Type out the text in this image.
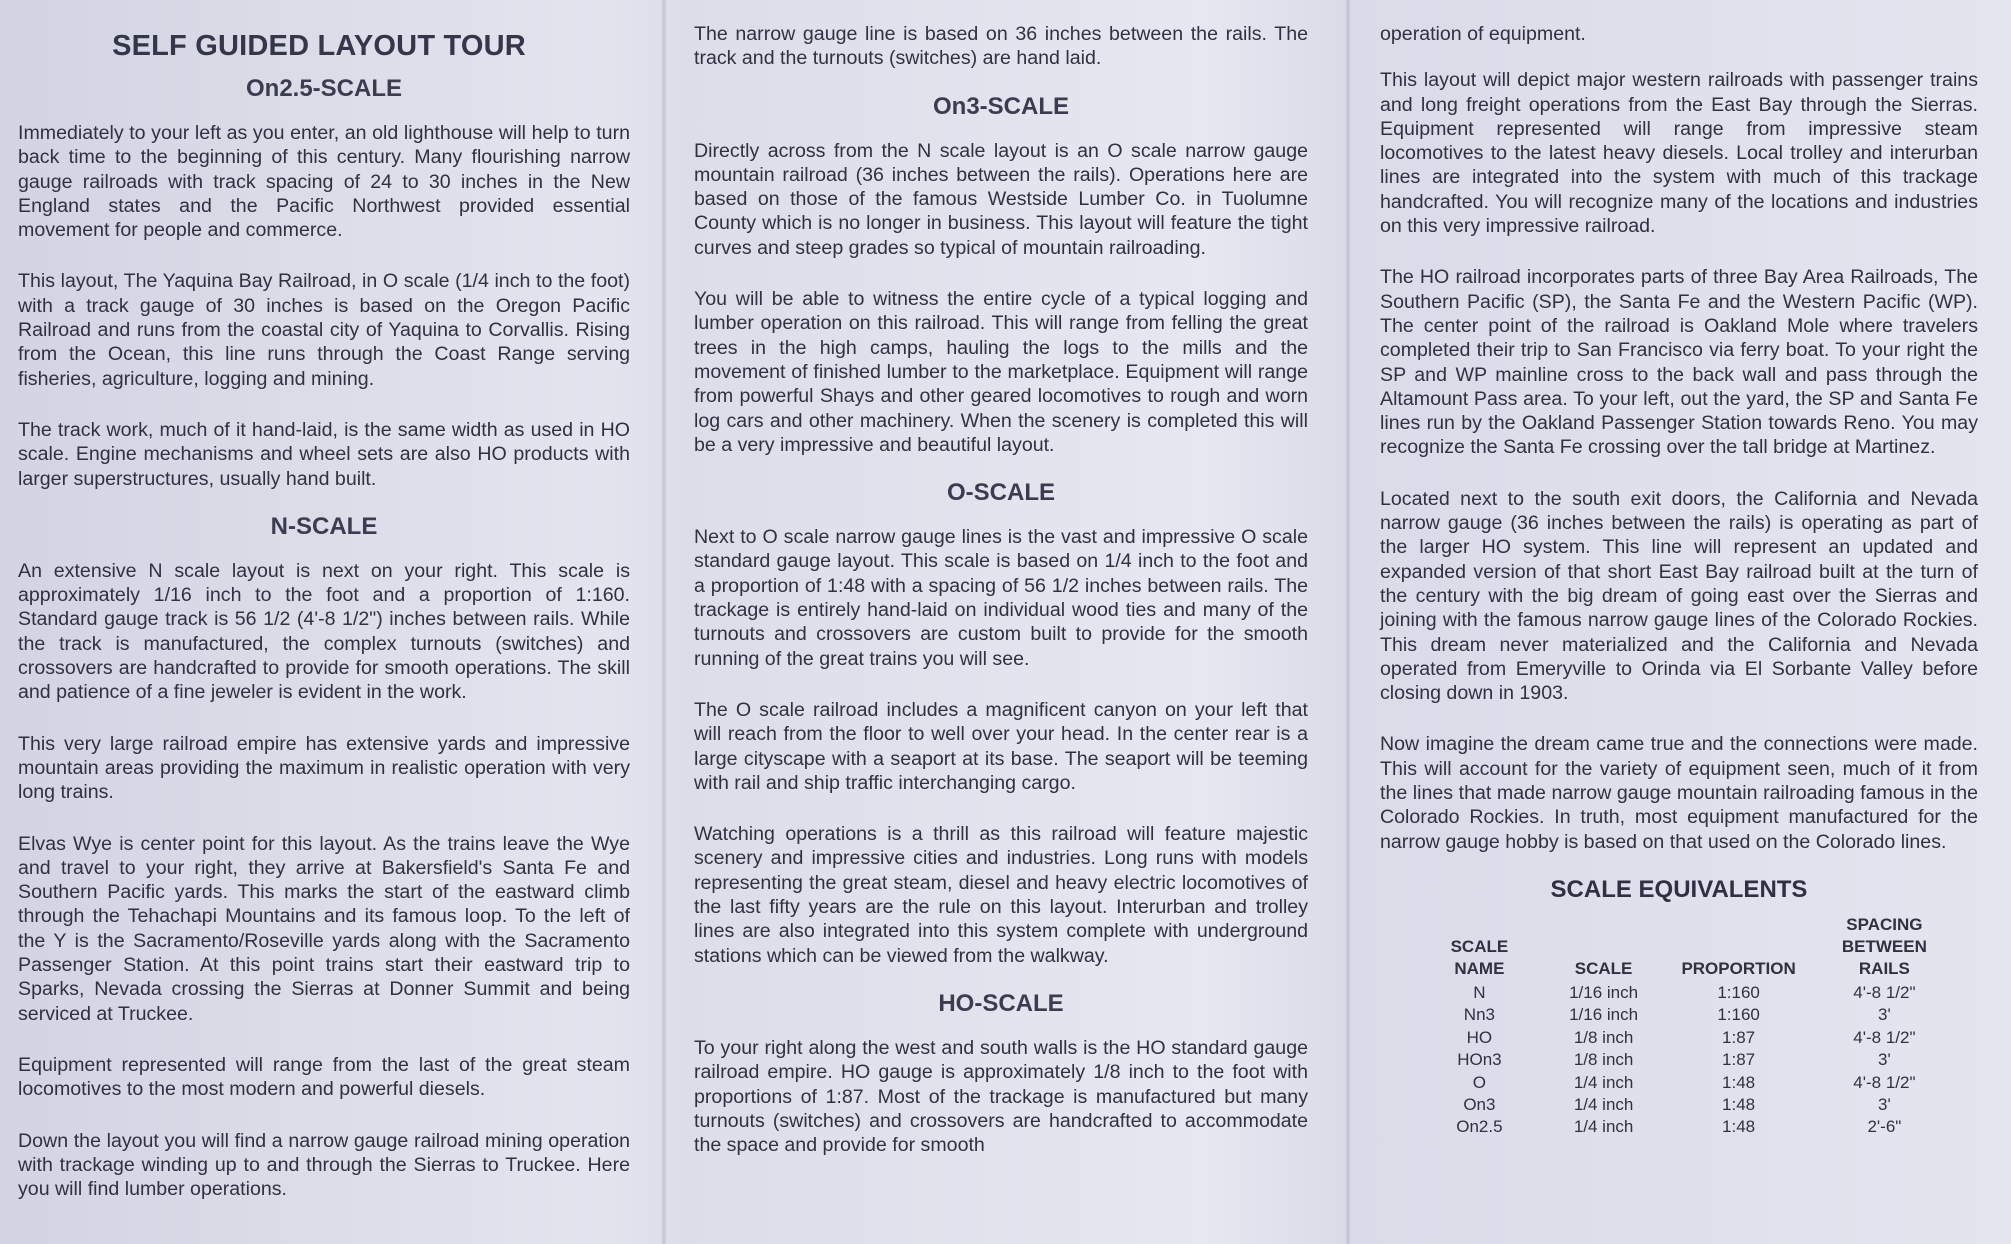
SELF GUIDED LAYOUT TOUR
On2.5-SCALE

Immediately to your left as you enter, an old lighthouse will help to turn back time to the beginning of this century. Many flourishing narrow gauge railroads with track spacing of 24 to 30 inches in the New England states and the Pacific Northwest provided essential movement for people and commerce.

This layout, The Yaquina Bay Railroad, in O scale (1/4 inch to the foot) with a track gauge of 30 inches is based on the Oregon Pacific Railroad and runs from the coastal city of Yaquina to Corvallis. Rising from the Ocean, this line runs through the Coast Range serving fisheries, agriculture, logging and mining.

The track work, much of it hand-laid, is the same width as used in HO scale. Engine mechanisms and wheel sets are also HO products with larger superstructures, usually hand built.

N-SCALE

An extensive N scale layout is next on your right. This scale is approximately 1/16 inch to the foot and a proportion of 1:160. Standard gauge track is 56 1/2 (4'-8 1/2") inches between rails. While the track is manufactured, the complex turnouts (switches) and crossovers are handcrafted to provide for smooth operations. The skill and patience of a fine jeweler is evident in the work.

This very large railroad empire has extensive yards and impressive mountain areas providing the maximum in realistic operation with very long trains.

Elvas Wye is center point for this layout. As the trains leave the Wye and travel to your right, they arrive at Bakersfield's Santa Fe and Southern Pacific yards. This marks the start of the eastward climb through the Tehachapi Mountains and its famous loop. To the left of the Y is the Sacramento/Roseville yards along with the Sacramento Passenger Station. At this point trains start their eastward trip to Sparks, Nevada crossing the Sierras at Donner Summit and being serviced at Truckee.

Equipment represented will range from the last of the great steam locomotives to the most modern and powerful diesels.

Down the layout you will find a narrow gauge railroad mining operation with trackage winding up to and through the Sierras to Truckee. Here you will find lumber operations.

The narrow gauge line is based on 36 inches between the rails. The track and the turnouts (switches) are hand laid.

On3-SCALE

Directly across from the N scale layout is an O scale narrow gauge mountain railroad (36 inches between the rails). Operations here are based on those of the famous Westside Lumber Co. in Tuolumne County which is no longer in business. This layout will feature the tight curves and steep grades so typical of mountain railroading.

You will be able to witness the entire cycle of a typical logging and lumber operation on this railroad. This will range from felling the great trees in the high camps, hauling the logs to the mills and the movement of finished lumber to the marketplace. Equipment will range from powerful Shays and other geared locomotives to rough and worn log cars and other machinery. When the scenery is completed this will be a very impressive and beautiful layout.

O-SCALE

Next to O scale narrow gauge lines is the vast and impressive O scale standard gauge layout. This scale is based on 1/4 inch to the foot and a proportion of 1:48 with a spacing of 56 1/2 inches between rails. The trackage is entirely hand-laid on individual wood ties and many of the turnouts and crossovers are custom built to provide for the smooth running of the great trains you will see.

The O scale railroad includes a magnificent canyon on your left that will reach from the floor to well over your head. In the center rear is a large cityscape with a seaport at its base. The seaport will be teeming with rail and ship traffic interchanging cargo.

Watching operations is a thrill as this railroad will feature majestic scenery and impressive cities and industries. Long runs with models representing the great steam, diesel and heavy electric locomotives of the last fifty years are the rule on this layout. Interurban and trolley lines are also integrated into this system complete with underground stations which can be viewed from the walkway.

HO-SCALE

To your right along the west and south walls is the HO standard gauge railroad empire. HO gauge is approximately 1/8 inch to the foot with proportions of 1:87. Most of the trackage is manufactured but many turnouts (switches) and crossovers are handcrafted to accommodate the space and provide for smooth

operation of equipment.

This layout will depict major western railroads with passenger trains and long freight operations from the East Bay through the Sierras. Equipment represented will range from impressive steam locomotives to the latest heavy diesels. Local trolley and interurban lines are integrated into the system with much of this trackage handcrafted. You will recognize many of the locations and industries on this very impressive railroad.

The HO railroad incorporates parts of three Bay Area Railroads, The Southern Pacific (SP), the Santa Fe and the Western Pacific (WP). The center point of the railroad is Oakland Mole where travelers completed their trip to San Francisco via ferry boat. To your right the SP and WP mainline cross to the back wall and pass through the Altamount Pass area. To your left, out the yard, the SP and Santa Fe lines run by the Oakland Passenger Station towards Reno. You may recognize the Santa Fe crossing over the tall bridge at Martinez.

Located next to the south exit doors, the California and Nevada narrow gauge (36 inches between the rails) is operating as part of the larger HO system. This line will represent an updated and expanded version of that short East Bay railroad built at the turn of the century with the big dream of going east over the Sierras and joining with the famous narrow gauge lines of the Colorado Rockies. This dream never materialized and the California and Nevada operated from Emeryville to Orinda via El Sorbante Valley before closing down in 1903.

Now imagine the dream came true and the connections were made. This will account for the variety of equipment seen, much of it from the lines that made narrow gauge mountain railroading famous in the Colorado Rockies. In truth, most equipment manufactured for the narrow gauge hobby is based on that used on the Colorado lines.

SCALE EQUIVALENTS
SCALE NAME	SCALE	PROPORTION	SPACING BETWEEN RAILS
N	1/16 inch	1:160	4'-8 1/2"
Nn3	1/16 inch	1:160	3'
HO	1/8 inch	1:87	4'-8 1/2"
HOn3	1/8 inch	1:87	3'
O	1/4 inch	1:48	4'-8 1/2"
On3	1/4 inch	1:48	3'
On2.5	1/4 inch	1:48	2'-6"
